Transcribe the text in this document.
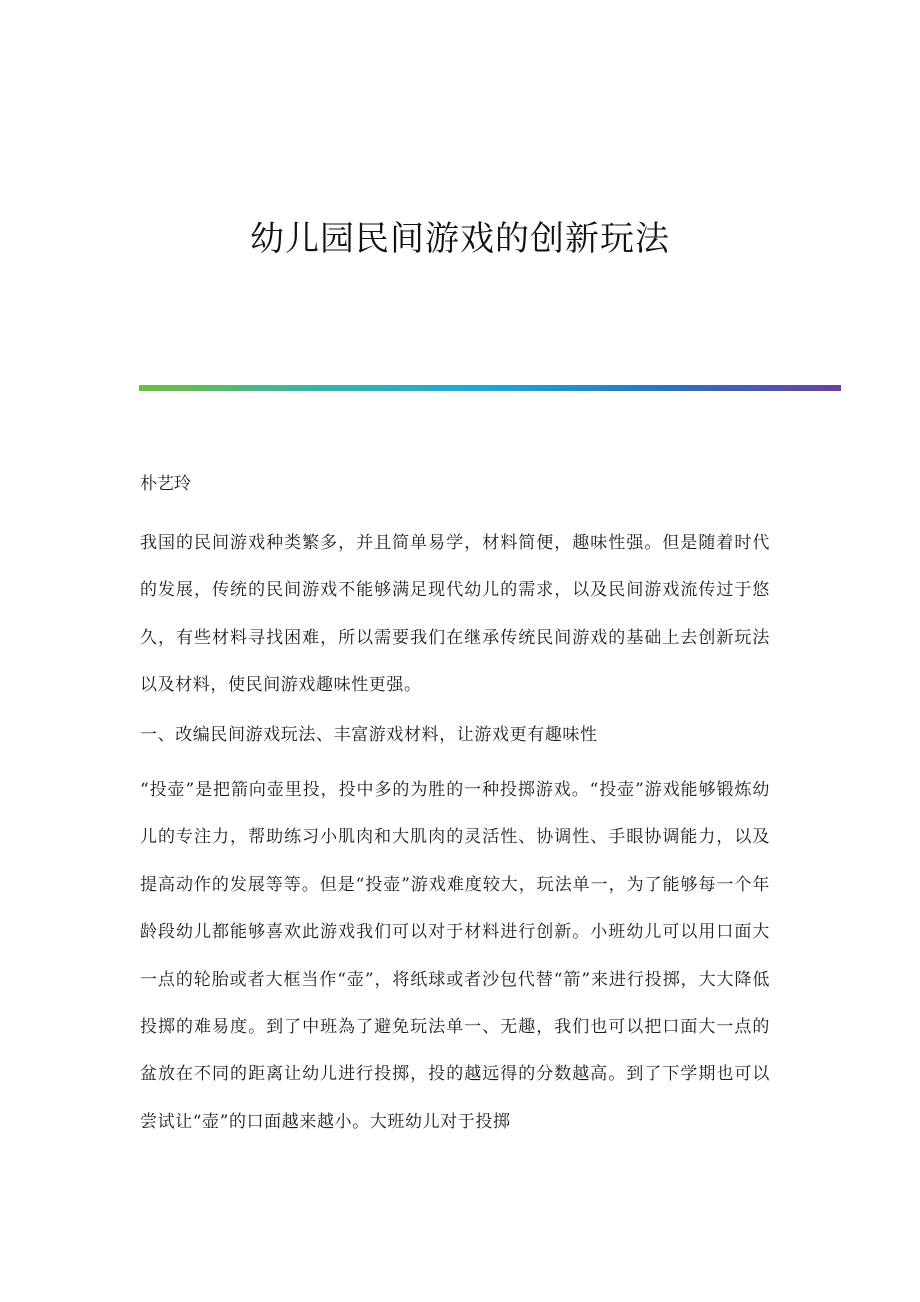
幼儿园民间游戏的创新玩法

朴艺玲

我国的民间游戏种类繁多，并且简单易学，材料简便，趣味性强。但是随着时代的发展，传统的民间游戏不能够满足现代幼儿的需求，以及民间游戏流传过于悠久，有些材料寻找困难，所以需要我们在继承传统民间游戏的基础上去创新玩法以及材料，使民间游戏趣味性更强。

一、改编民间游戏玩法、丰富游戏材料，让游戏更有趣味性

“投壶”是把箭向壶里投，投中多的为胜的一种投掷游戏。“投壶”游戏能够锻炼幼儿的专注力，帮助练习小肌肉和大肌肉的灵活性、协调性、手眼协调能力，以及提高动作的发展等等。但是“投壶”游戏难度较大，玩法单一，为了能够每一个年龄段幼儿都能够喜欢此游戏我们可以对于材料进行创新。小班幼儿可以用口面大一点的轮胎或者大框当作“壶”，将纸球或者沙包代替“箭”来进行投掷，大大降低投掷的难易度。到了中班為了避免玩法单一、无趣，我们也可以把口面大一点的盆放在不同的距离让幼儿进行投掷，投的越远得的分数越高。到了下学期也可以尝试让“壶”的口面越来越小。大班幼儿对于投掷
